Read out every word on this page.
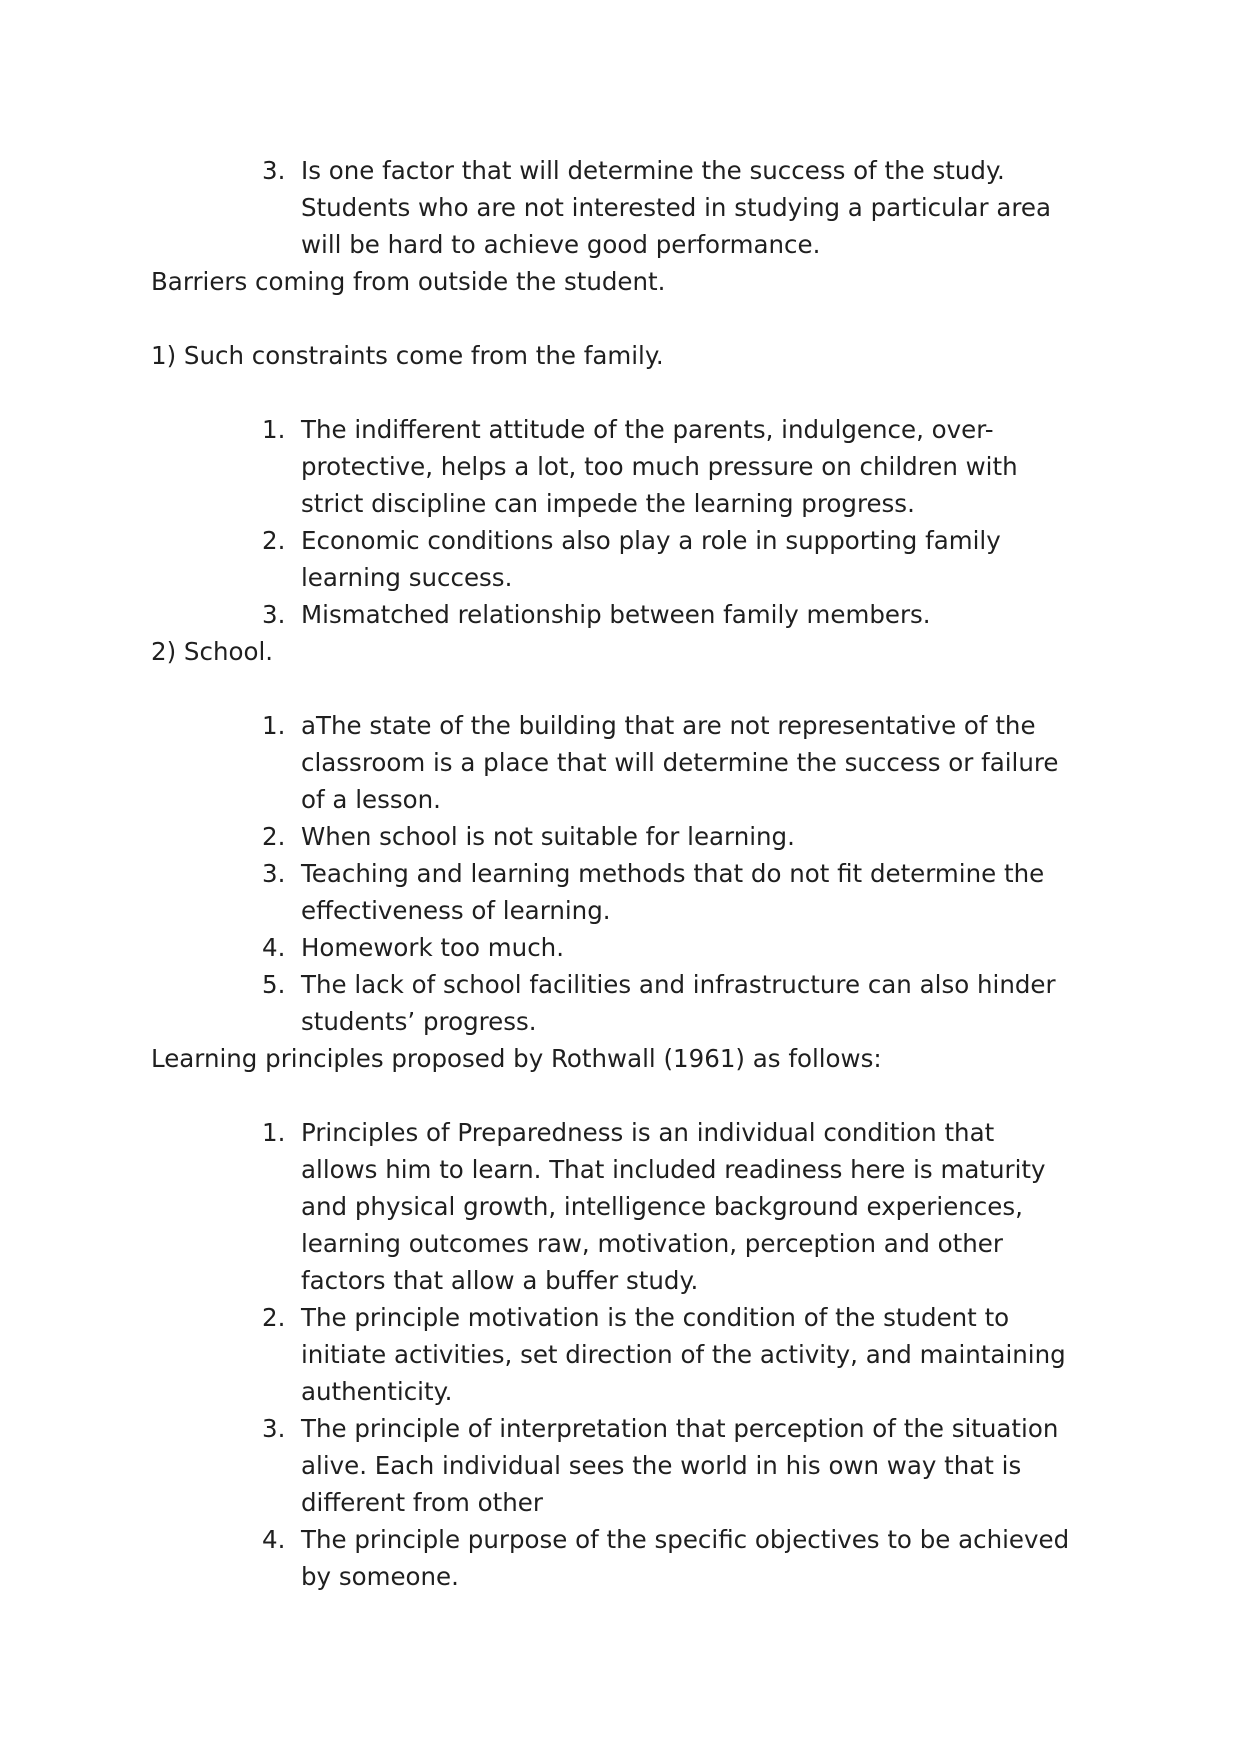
3. Is one factor that will determine the success of the study.
Students who are not interested in studying a particular area
will be hard to achieve good performance.

Barriers coming from outside the student.

1) Such constraints come from the family.

1. The indifferent attitude of the parents, indulgence, over-
protective, helps a lot, too much pressure on children with
strict discipline can impede the learning progress.
2. Economic conditions also play a role in supporting family
learning success.
3. Mismatched relationship between family members.

2) School.

1. aThe state of the building that are not representative of the
classroom is a place that will determine the success or failure
of a lesson.
2. When school is not suitable for learning.
3. Teaching and learning methods that do not fit determine the
effectiveness of learning.
4. Homework too much.
5. The lack of school facilities and infrastructure can also hinder
students’ progress.

Learning principles proposed by Rothwall (1961) as follows:

1. Principles of Preparedness is an individual condition that
allows him to learn. That included readiness here is maturity
and physical growth, intelligence background experiences,
learning outcomes raw, motivation, perception and other
factors that allow a buffer study.
2. The principle motivation is the condition of the student to
initiate activities, set direction of the activity, and maintaining
authenticity.
3. The principle of interpretation that perception of the situation
alive. Each individual sees the world in his own way that is
different from other
4. The principle purpose of the specific objectives to be achieved
by someone.
